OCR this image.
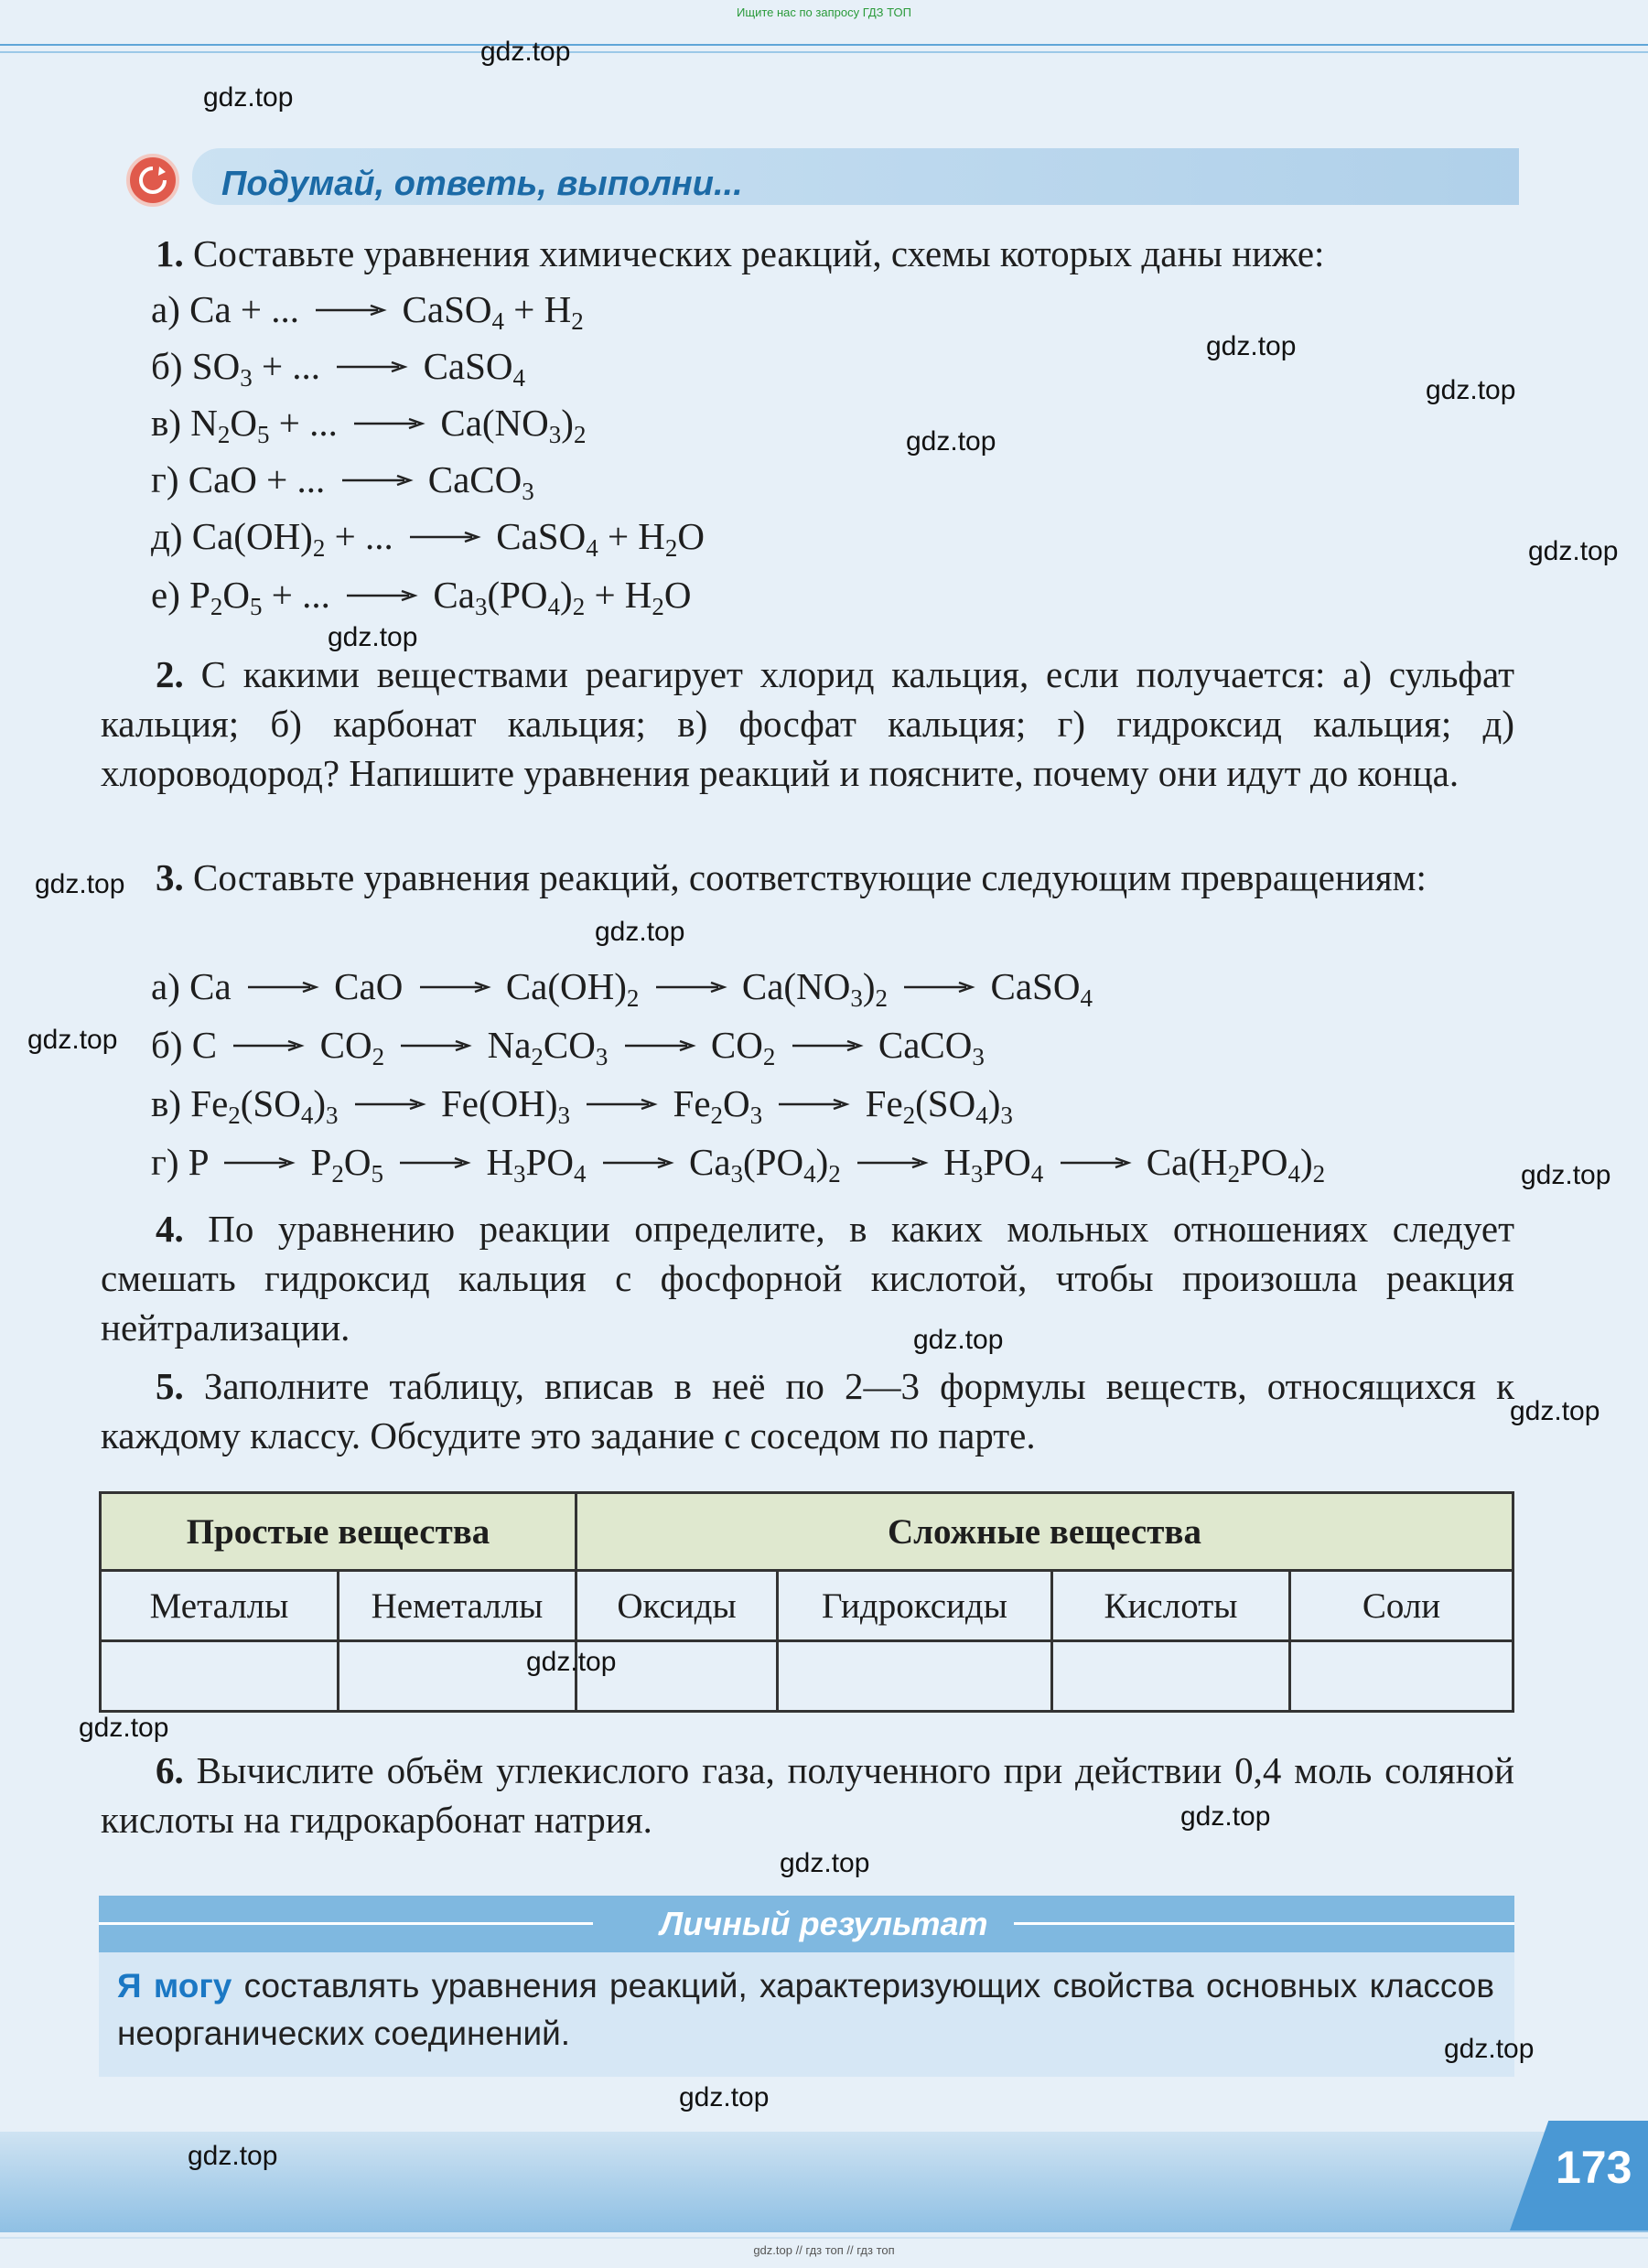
Ищите нас по запросу ГДЗ ТОП
Подумай, ответь, выполни...
1. Составьте уравнения химических реакций, схемы которых даны ниже:
а) Ca + ... → CaSO$_4$ + $H_2$
б) $SO_3$ + ... → CaSO$_4$
в) $N_2O_5$ + ... → $Ca(NO_3)_2$
г) CaO + ... → CaCO$_3$
д) $Ca(OH)_2$ + ... → CaSO$_4$ + $H_2O$
е) $P_2O_5$ + ... → $Ca_3(PO_4)_2 + H_2O$
2. С какими веществами реагирует хлорид кальция, если получается: а) сульфат кальция; б) карбонат кальция; в) фосфат кальция; г) гидроксид кальция; д) хлороводород? Напишите уравнения реакций и поясните, почему они идут до конца.
3. Составьте уравнения реакций, соответствующие следующим превращениям:
а) Ca → CaO → $Ca(OH)_2 \to Ca(NO_3)_2$ → CaSO$_4$
б) $C \to CO_2 \to Na_2CO_3 \to CO_2$ → CaCO$_3$
в) $Fe_2(SO_4)_3 \to Fe(OH)_3 \to Fe_2O_3 \to Fe_2(SO_4)_3$
г) $P \to P_2O_5 \to H_3PO_4 \to Ca_3(PO_4)_2 \to H_3PO_4 \to Ca(H_2PO_4)_2$
4. По уравнению реакции определите, в каких мольных отношениях следует смешать гидроксид кальция с фосфорной кислотой, чтобы произошла реакция нейтрализации.
5. Заполните таблицу, вписав в неё по 2—3 формулы веществ, относящихся к каждому классу. Обсудите это задание с соседом по парте.
Простые вещества		Сложные вещества			
Металлы	Неметаллы	Оксиды	Гидроксиды	Кислоты	Соли

6. Вычислите объём углекислого газа, полученного при действии 0,4 моль соляной кислоты на гидрокарбонат натрия.
Личный результат
Я могу составлять уравнения реакций, характеризующих свойства основных классов неорганических соединений.
173
gdz.top // гдз топ // гдз топ
gdz.top
gdz.top
gdz.top
gdz.top
gdz.top
gdz.top
gdz.top
gdz.top
gdz.top
gdz.top
gdz.top
gdz.top
gdz.top
gdz.top
gdz.top
gdz.top
gdz.top
gdz.top
gdz.top
gdz.top
